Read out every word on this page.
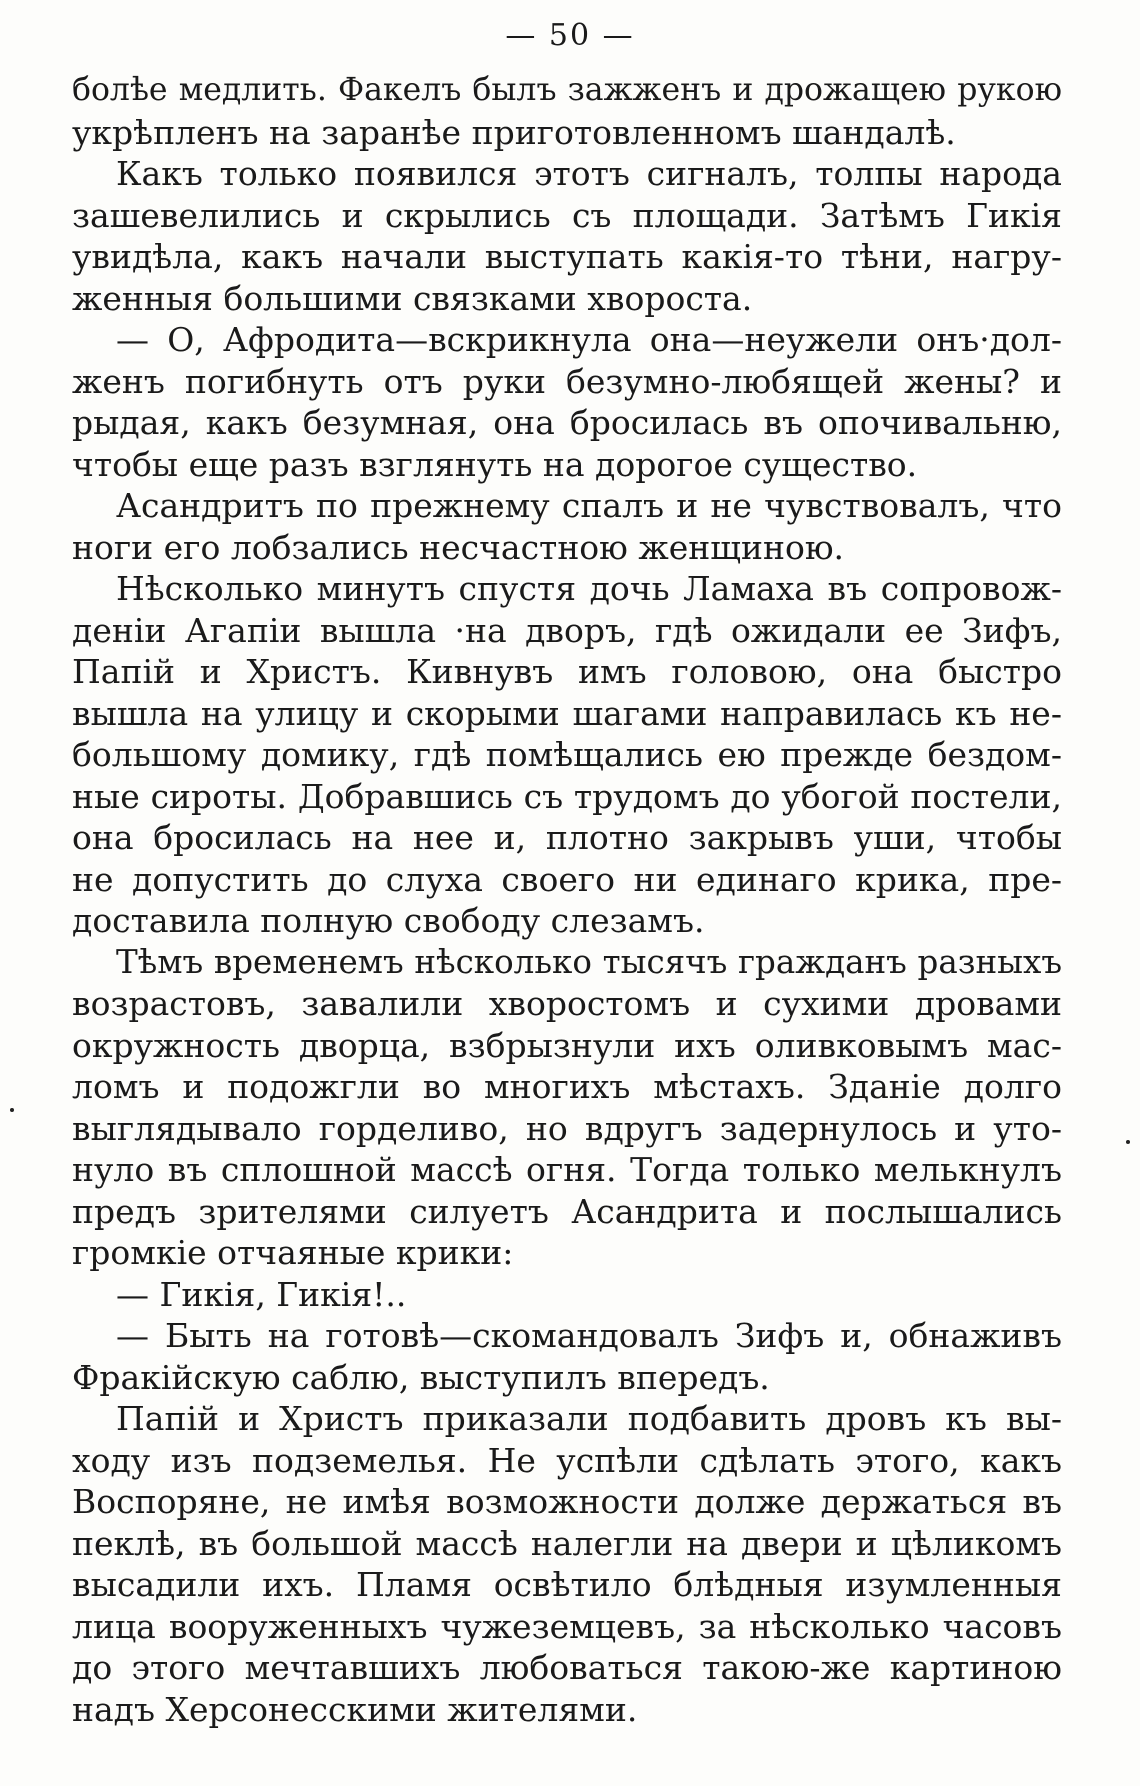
— 50 —
болѣе медлить. Факелъ былъ зажженъ и дрожащею рукою
укрѣпленъ на заранѣе приготовленномъ шандалѣ.
Какъ только появился этотъ сигналъ, толпы народа
зашевелились и скрылись съ площади. Затѣмъ Гикія
увидѣла, какъ начали выступать какія-то тѣни, нагру-
женныя большими связками хвороста.
— О, Афродита—вскрикнула она—неужели онъ·дол-
женъ погибнуть отъ руки безумно-любящей жены? и
рыдая, какъ безумная, она бросилась въ опочивальню,
чтобы еще разъ взглянуть на дорогое существо.
Асандритъ по прежнему спалъ и не чувствовалъ, что
ноги его лобзались несчастною женщиною.
Нѣсколько минутъ спустя дочь Ламаха въ сопровож-
деніи Агапіи вышла ·на дворъ, гдѣ ожидали ее Зифъ,
Папій и Христъ. Кивнувъ имъ головою, она быстро
вышла на улицу и скорыми шагами направилась къ не-
большому домику, гдѣ помѣщались ею прежде бездом-
ные сироты. Добравшись съ трудомъ до убогой постели,
она бросилась на нее и, плотно закрывъ уши, чтобы
не допустить до слуха своего ни единаго крика, пре-
доставила полную свободу слезамъ.
Тѣмъ временемъ нѣсколько тысячъ гражданъ разныхъ
возрастовъ, завалили хворостомъ и сухими дровами
окружность дворца, взбрызнули ихъ оливковымъ мас-
ломъ и подожгли во многихъ мѣстахъ. Зданіе долго
выглядывало горделиво, но вдругъ задернулось и уто-
нуло въ сплошной массѣ огня. Тогда только мелькнулъ
предъ зрителями силуетъ Асандрита и послышались
громкіе отчаяные крики:
— Гикія, Гикія!..
— Быть на готовѣ—скомандовалъ Зифъ и, обнаживъ
Фракійскую саблю, выступилъ впередъ.
Папій и Христъ приказали подбавить дровъ къ вы-
ходу изъ подземелья. Не успѣли сдѣлать этого, какъ
Воспоряне, не имѣя возможности долже держаться въ
пеклѣ, въ большой массѣ налегли на двери и цѣликомъ
высадили ихъ. Пламя освѣтило блѣдныя изумленныя
лица вооруженныхъ чужеземцевъ, за нѣсколько часовъ
до этого мечтавшихъ любоваться такою-же картиною
надъ Херсонесскими жителями.
